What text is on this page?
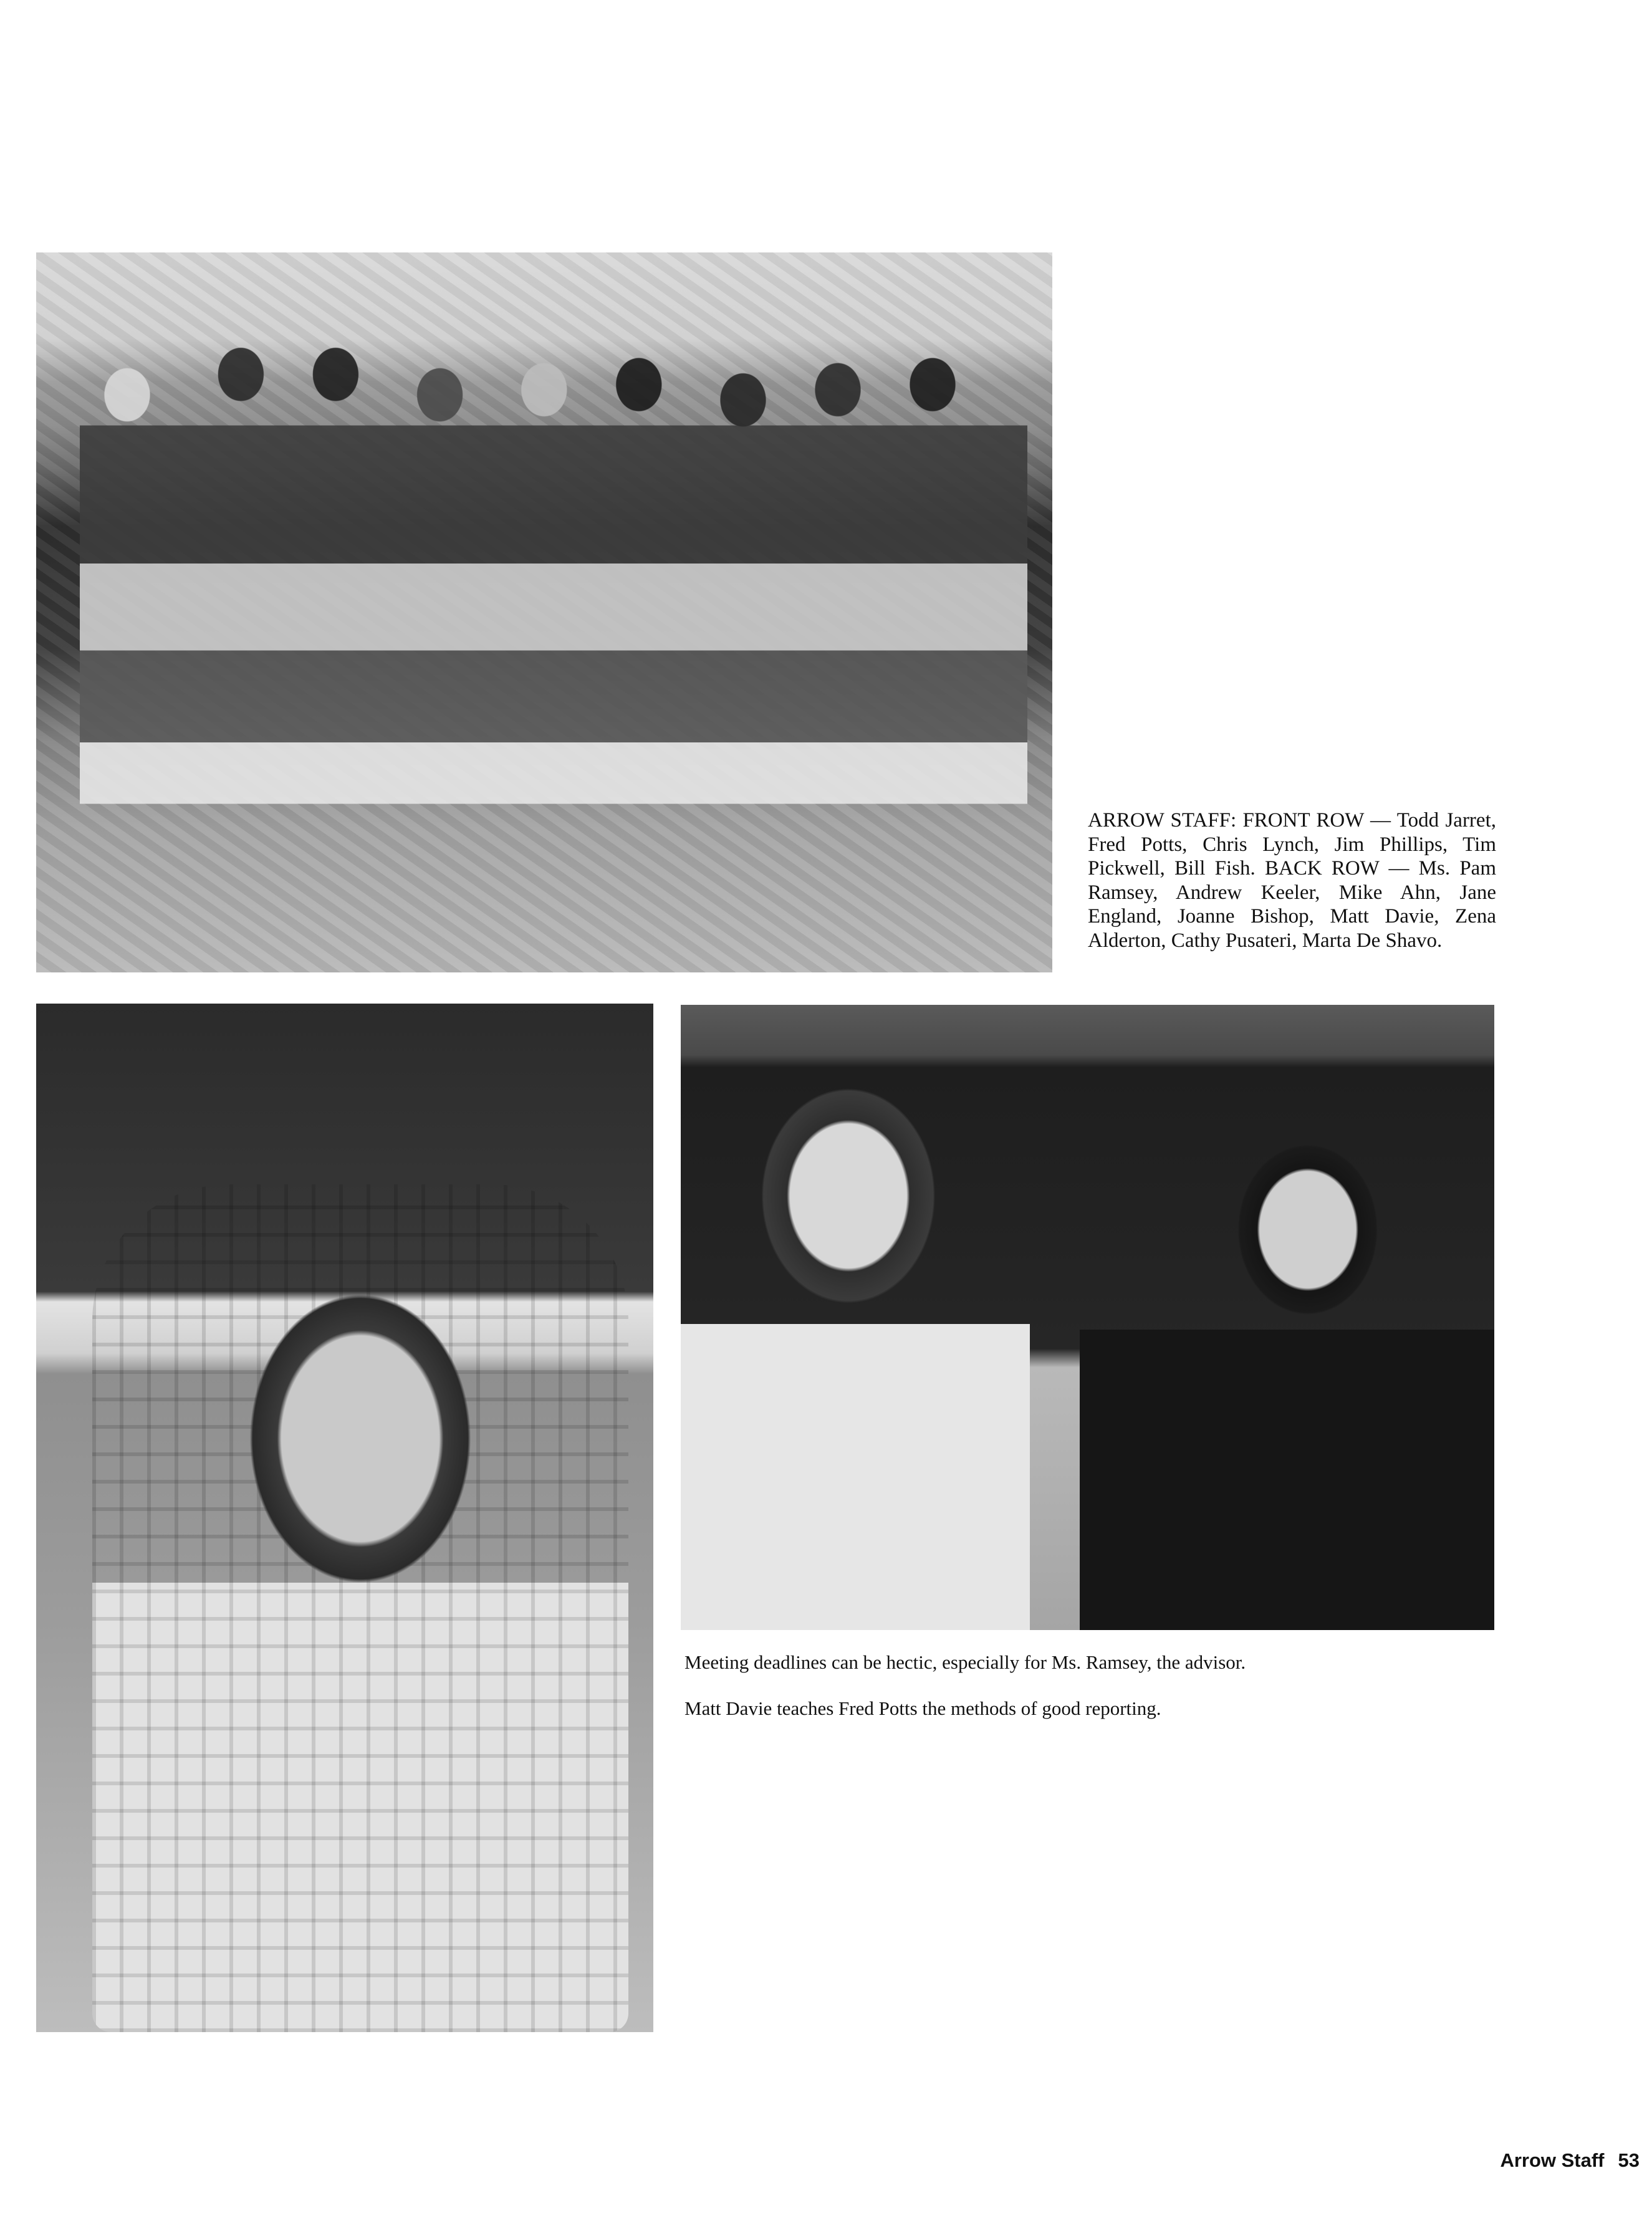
ARROW STAFF: FRONT ROW — Todd Jarret, Fred Potts, Chris Lynch, Jim Phillips, Tim Pickwell, Bill Fish. BACK ROW — Ms. Pam Ramsey, Andrew Keeler, Mike Ahn, Jane England, Joanne Bishop, Matt Davie, Zena Alderton, Cathy Pusateri, Marta De Shavo.

Meeting deadlines can be hectic, especially for Ms. Ramsey, the advisor.

Matt Davie teaches Fred Potts the methods of good reporting.

Arrow Staff 53
